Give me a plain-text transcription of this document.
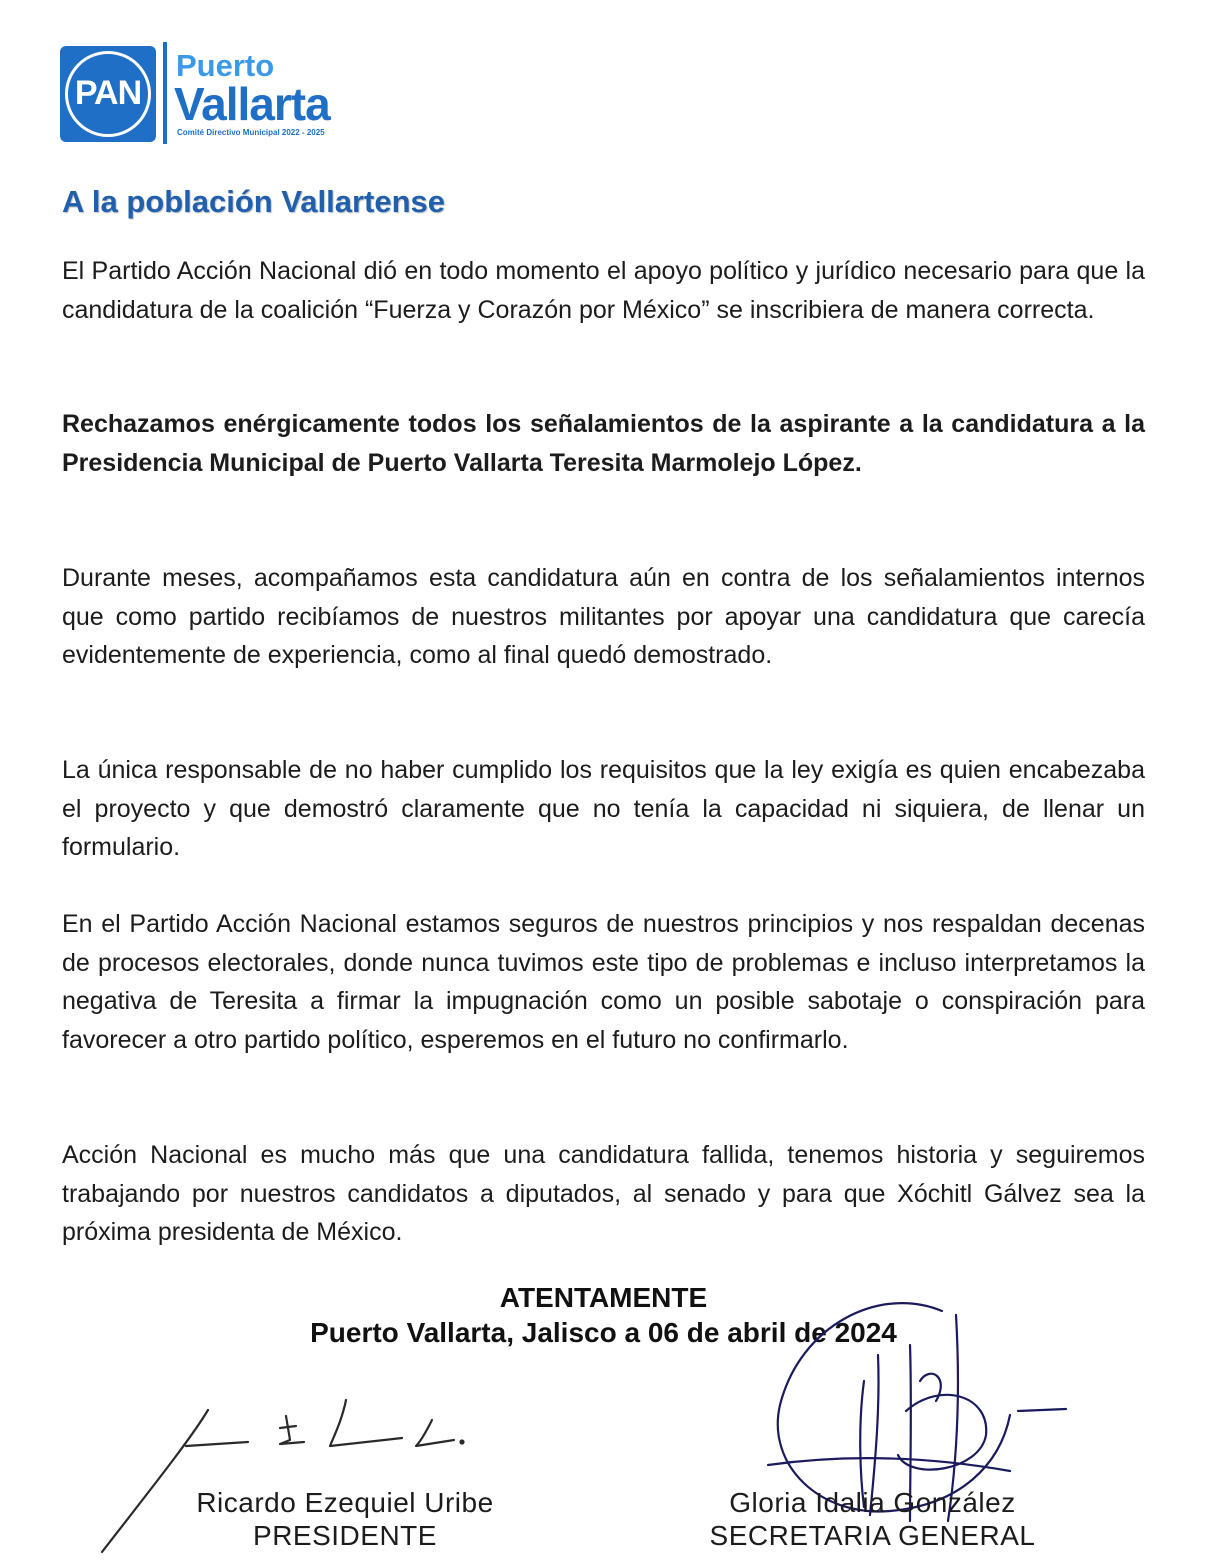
PAN
Puerto
Vallarta
Comité Directivo Municipal 2022 - 2025
A la población Vallartense

El Partido Acción Nacional dió en todo momento el apoyo político y jurídico necesario para que la candidatura de la coalición “Fuerza y Corazón por México” se inscribiera de manera correcta.

Rechazamos enérgicamente todos los señalamientos de la aspirante a la candidatura a la Presidencia Municipal de Puerto Vallarta Teresita Marmolejo López.

Durante meses, acompañamos esta candidatura aún en contra de los señalamientos internos que como partido recibíamos de nuestros militantes por apoyar una candidatura que carecía evidentemente de experiencia, como al final quedó demostrado.

La única responsable de no haber cumplido los requisitos que la ley exigía es quien encabezaba el proyecto y que demostró claramente que no tenía la capacidad ni siquiera, de llenar un formulario.

En el Partido Acción Nacional estamos seguros de nuestros principios y nos respaldan decenas de procesos electorales, donde nunca tuvimos este tipo de problemas e incluso interpretamos la negativa de Teresita a firmar la impugnación como un posible sabotaje o conspiración para favorecer a otro partido político, esperemos en el futuro no confirmarlo.

Acción Nacional es mucho más que una candidatura fallida, tenemos historia y seguiremos trabajando por nuestros candidatos a diputados, al senado y para que Xóchitl Gálvez sea la próxima presidenta de México.

ATENTAMENTE

Puerto Vallarta, Jalisco a 06 de abril de 2024

Ricardo Ezequiel Uribe
PRESIDENTE
Gloria Idalia González
SECRETARIA GENERAL
